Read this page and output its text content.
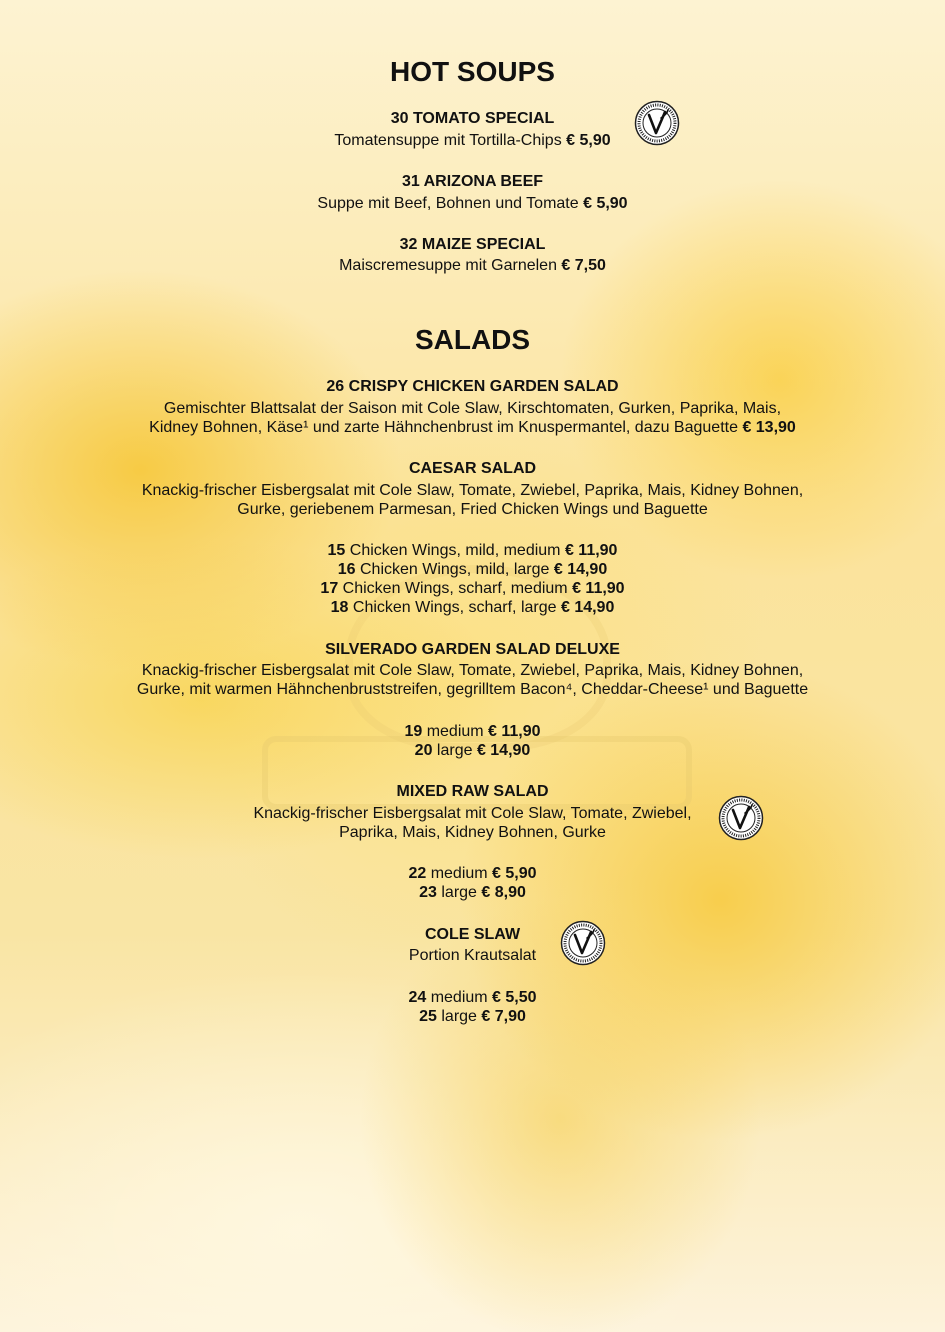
HOT SOUPS
30 TOMATO SPECIAL
Tomatensuppe mit Tortilla-Chips € 5,90
31 ARIZONA BEEF
Suppe mit Beef, Bohnen und Tomate € 5,90
32 MAIZE SPECIAL
Maiscremesuppe mit Garnelen € 7,50
SALADS
26 CRISPY CHICKEN GARDEN SALAD
Gemischter Blattsalat der Saison mit Cole Slaw, Kirschtomaten, Gurken, Paprika, Mais,
Kidney Bohnen, Käse¹ und zarte Hähnchenbrust im Knuspermantel, dazu Baguette € 13,90
CAESAR SALAD
Knackig-frischer Eisbergsalat mit Cole Slaw, Tomate, Zwiebel, Paprika, Mais, Kidney Bohnen,
Gurke, geriebenem Parmesan, Fried Chicken Wings und Baguette
15 Chicken Wings, mild, medium € 11,90
16 Chicken Wings, mild, large € 14,90
17 Chicken Wings, scharf, medium € 11,90
18 Chicken Wings, scharf, large € 14,90
SILVERADO GARDEN SALAD DELUXE
Knackig-frischer Eisbergsalat mit Cole Slaw, Tomate, Zwiebel, Paprika, Mais, Kidney Bohnen,
Gurke, mit warmen Hähnchenbruststreifen, gegrilltem Bacon⁴, Cheddar-Cheese¹ und Baguette
19 medium € 11,90
20 large € 14,90
MIXED RAW SALAD
Knackig-frischer Eisbergsalat mit Cole Slaw, Tomate, Zwiebel,
Paprika, Mais, Kidney Bohnen, Gurke
22 medium € 5,90
23 large € 8,90
COLE SLAW
Portion Krautsalat
24 medium € 5,50
25 large € 7,90
